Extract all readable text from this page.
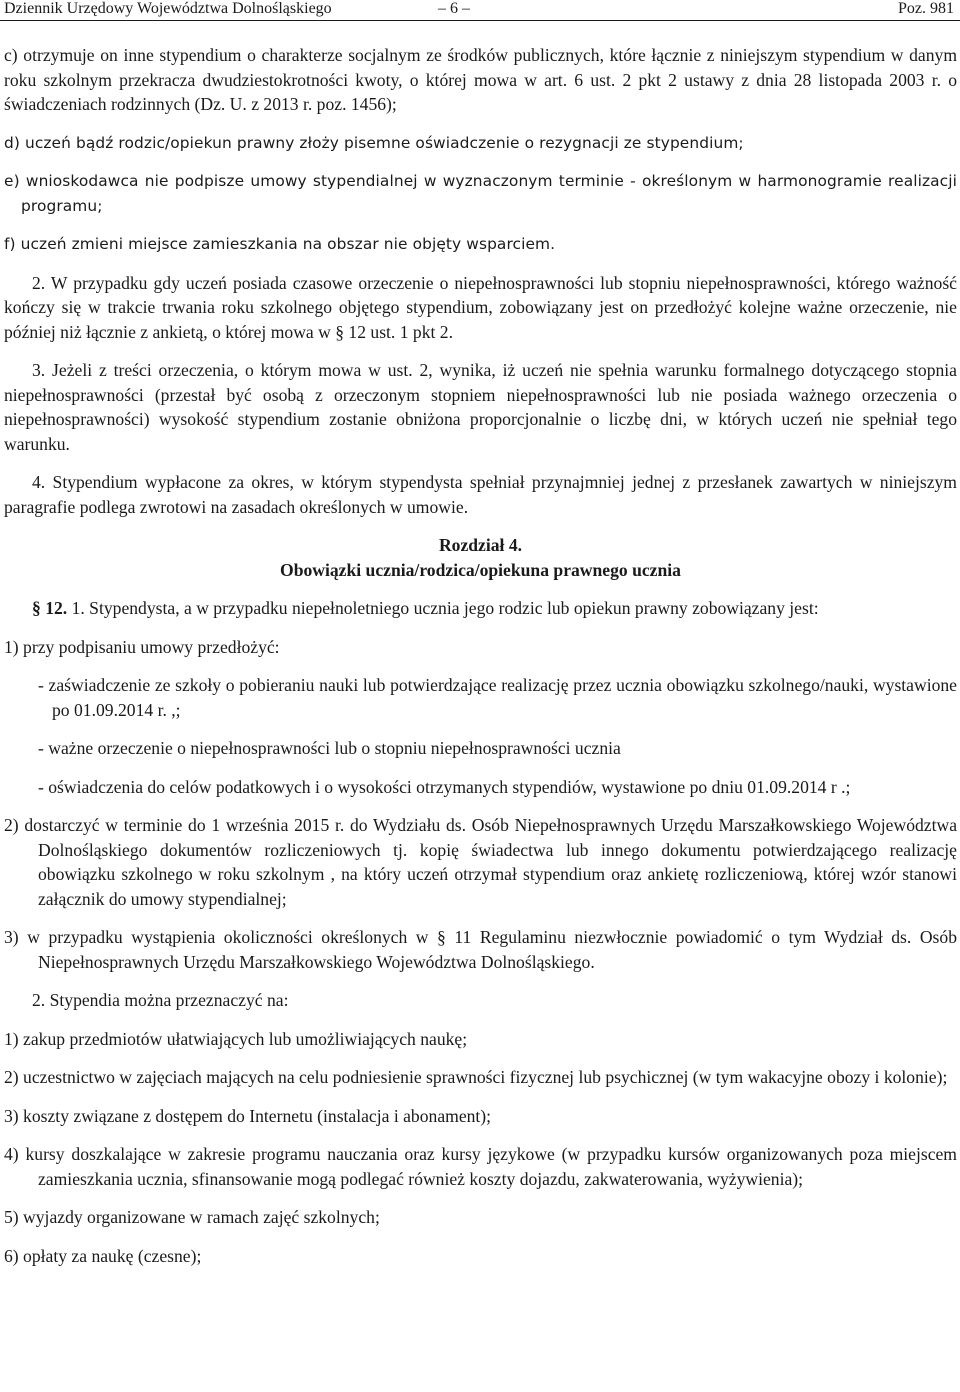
Dziennik Urzędowy Województwa Dolnośląskiego	– 6 –	Poz. 981

c) otrzymuje on inne stypendium o charakterze socjalnym ze środków publicznych, które łącznie z niniejszym stypendium w danym roku szkolnym przekracza dwudziestokrotności kwoty, o której mowa w art. 6 ust. 2 pkt 2 ustawy z dnia 28 listopada 2003 r. o świadczeniach rodzinnych (Dz. U. z 2013 r. poz. 1456);

d) uczeń bądź rodzic/opiekun prawny złoży pisemne oświadczenie o rezygnacji ze stypendium;

e) wnioskodawca nie podpisze umowy stypendialnej w wyznaczonym terminie - określonym w harmonogramie realizacji programu;

f) uczeń zmieni miejsce zamieszkania na obszar nie objęty wsparciem.

2. W przypadku gdy uczeń posiada czasowe orzeczenie o niepełnosprawności lub stopniu niepełnosprawności, którego ważność kończy się w trakcie trwania roku szkolnego objętego stypendium, zobowiązany jest on przedłożyć kolejne ważne orzeczenie, nie później niż łącznie z ankietą, o której mowa w § 12 ust. 1 pkt 2.

3. Jeżeli z treści orzeczenia, o którym mowa w ust. 2, wynika, iż uczeń nie spełnia warunku formalnego dotyczącego stopnia niepełnosprawności (przestał być osobą z orzeczonym stopniem niepełnosprawności lub nie posiada ważnego orzeczenia o niepełnosprawności) wysokość stypendium zostanie obniżona proporcjonalnie o liczbę dni, w których uczeń nie spełniał tego warunku.

4. Stypendium wypłacone za okres, w którym stypendysta spełniał przynajmniej jednej z przesłanek zawartych w niniejszym paragrafie podlega zwrotowi na zasadach określonych w umowie.

Rozdział 4.

Obowiązki ucznia/rodzica/opiekuna prawnego ucznia

§ 12. 1. Stypendysta, a w przypadku niepełnoletniego ucznia jego rodzic lub opiekun prawny zobowiązany jest:

1) przy podpisaniu umowy przedłożyć:

- zaświadczenie ze szkoły o pobieraniu nauki lub potwierdzające realizację przez ucznia obowiązku szkolnego/nauki, wystawione po 01.09.2014 r. ,;
- ważne orzeczenie o niepełnosprawności lub o stopniu niepełnosprawności ucznia
- oświadczenia do celów podatkowych i o wysokości otrzymanych stypendiów, wystawione po dniu 01.09.2014 r .;

2) dostarczyć w terminie do 1 września 2015 r. do Wydziału ds. Osób Niepełnosprawnych Urzędu Marszałkowskiego Województwa Dolnośląskiego dokumentów rozliczeniowych tj. kopię świadectwa lub innego dokumentu potwierdzającego realizację obowiązku szkolnego w roku szkolnym , na który uczeń otrzymał stypendium oraz ankietę rozliczeniową, której wzór stanowi załącznik do umowy stypendialnej;

3) w przypadku wystąpienia okoliczności określonych w § 11 Regulaminu niezwłocznie powiadomić o tym Wydział ds. Osób Niepełnosprawnych Urzędu Marszałkowskiego Województwa Dolnośląskiego.

2. Stypendia można przeznaczyć na:

1) zakup przedmiotów ułatwiających lub umożliwiających naukę;

2) uczestnictwo w zajęciach mających na celu podniesienie sprawności fizycznej lub psychicznej (w tym wakacyjne obozy i kolonie);

3) koszty związane z dostępem do Internetu (instalacja i abonament);

4) kursy doszkalające w zakresie programu nauczania oraz kursy językowe (w przypadku kursów organizowanych poza miejscem zamieszkania ucznia, sfinansowanie mogą podlegać również koszty dojazdu, zakwaterowania, wyżywienia);

5) wyjazdy organizowane w ramach zajęć szkolnych;

6) opłaty za naukę (czesne);
